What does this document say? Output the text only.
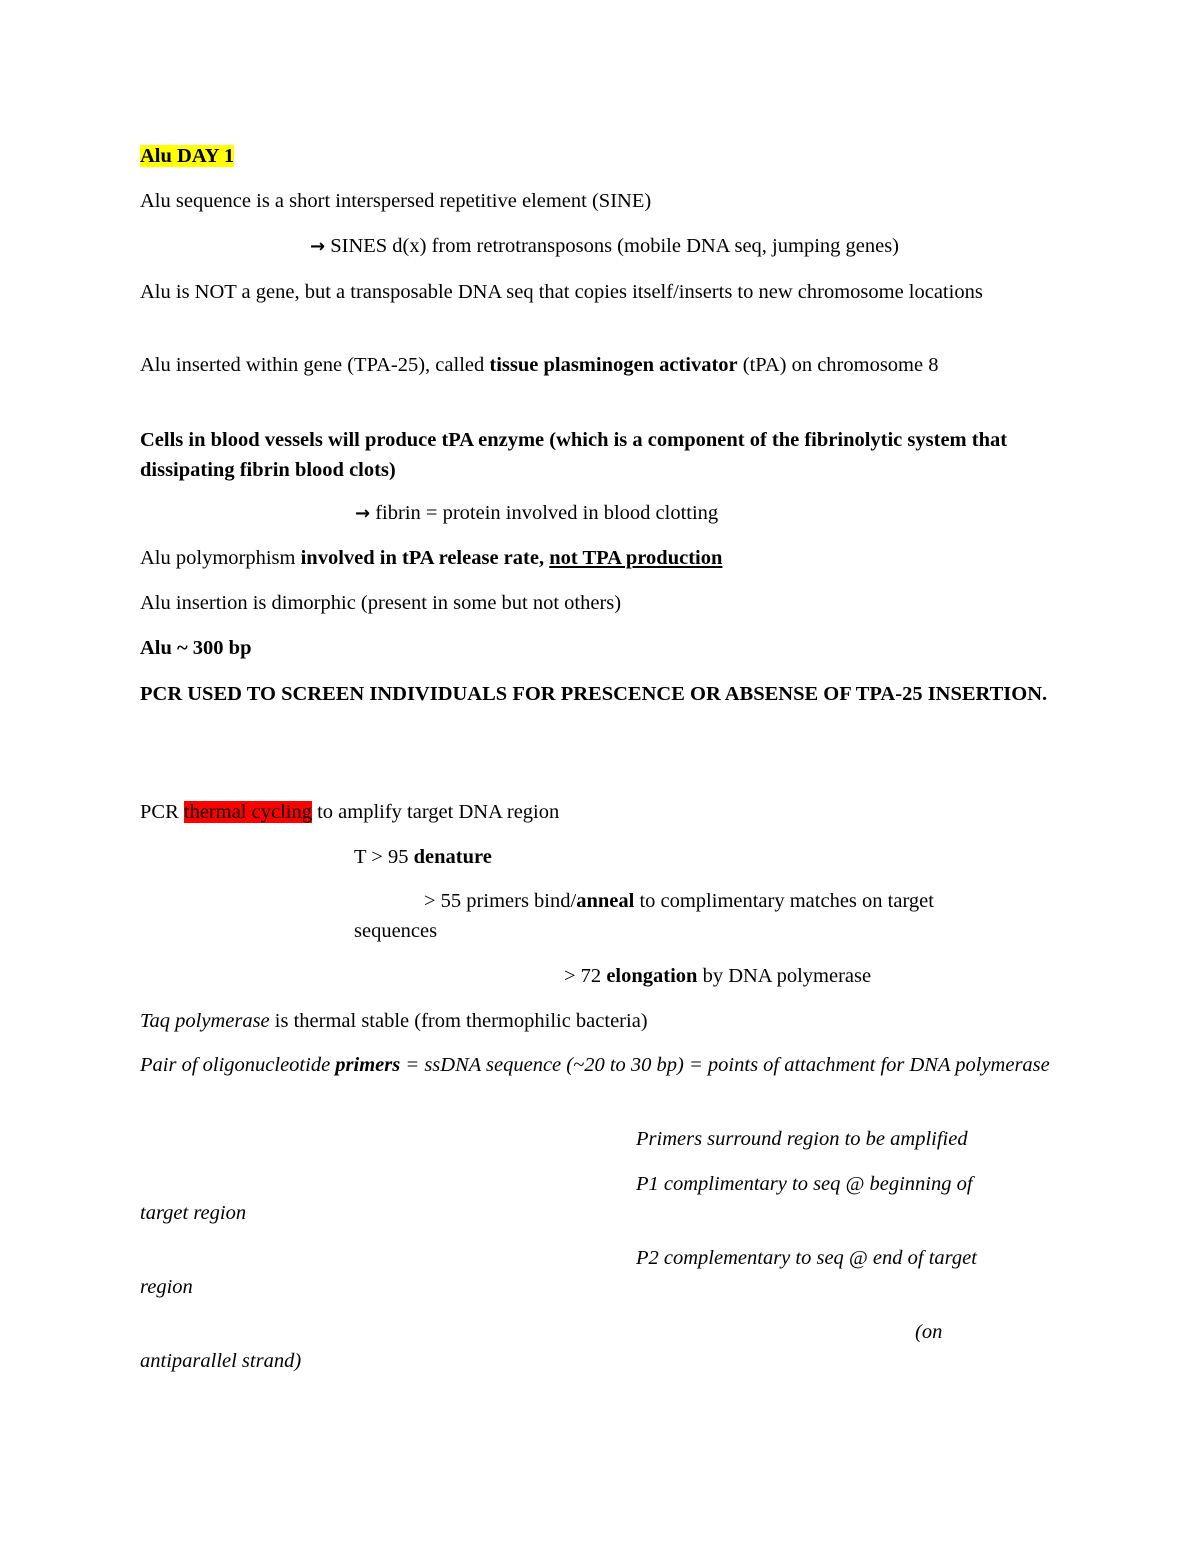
Alu DAY 1
Alu sequence is a short interspersed repetitive element (SINE)
→ SINES d(x) from retrotransposons (mobile DNA seq, jumping genes)
Alu is NOT a gene, but a transposable DNA seq that copies itself/inserts to new chromosome locations
Alu inserted within gene (TPA-25), called tissue plasminogen activator (tPA) on chromosome 8
Cells in blood vessels will produce tPA enzyme (which is a component of the fibrinolytic system that dissipating fibrin blood clots)
→ fibrin = protein involved in blood clotting
Alu polymorphism involved in tPA release rate, not TPA production
Alu insertion is dimorphic (present in some but not others)
Alu ~ 300 bp
PCR USED TO SCREEN INDIVIDUALS FOR PRESCENCE OR ABSENSE OF TPA-25 INSERTION.
PCR thermal cycling to amplify target DNA region
T > 95 denature
> 55 primers bind/anneal to complimentary matches on target
sequences
> 72 elongation by DNA polymerase
Taq polymerase is thermal stable (from thermophilic bacteria)
Pair of oligonucleotide primers = ssDNA sequence (~20 to 30 bp) = points of attachment for DNA polymerase
Primers surround region to be amplified
P1 complimentary to seq @ beginning of
target region
P2 complementary to seq @ end of target
region
(on
antiparallel strand)
